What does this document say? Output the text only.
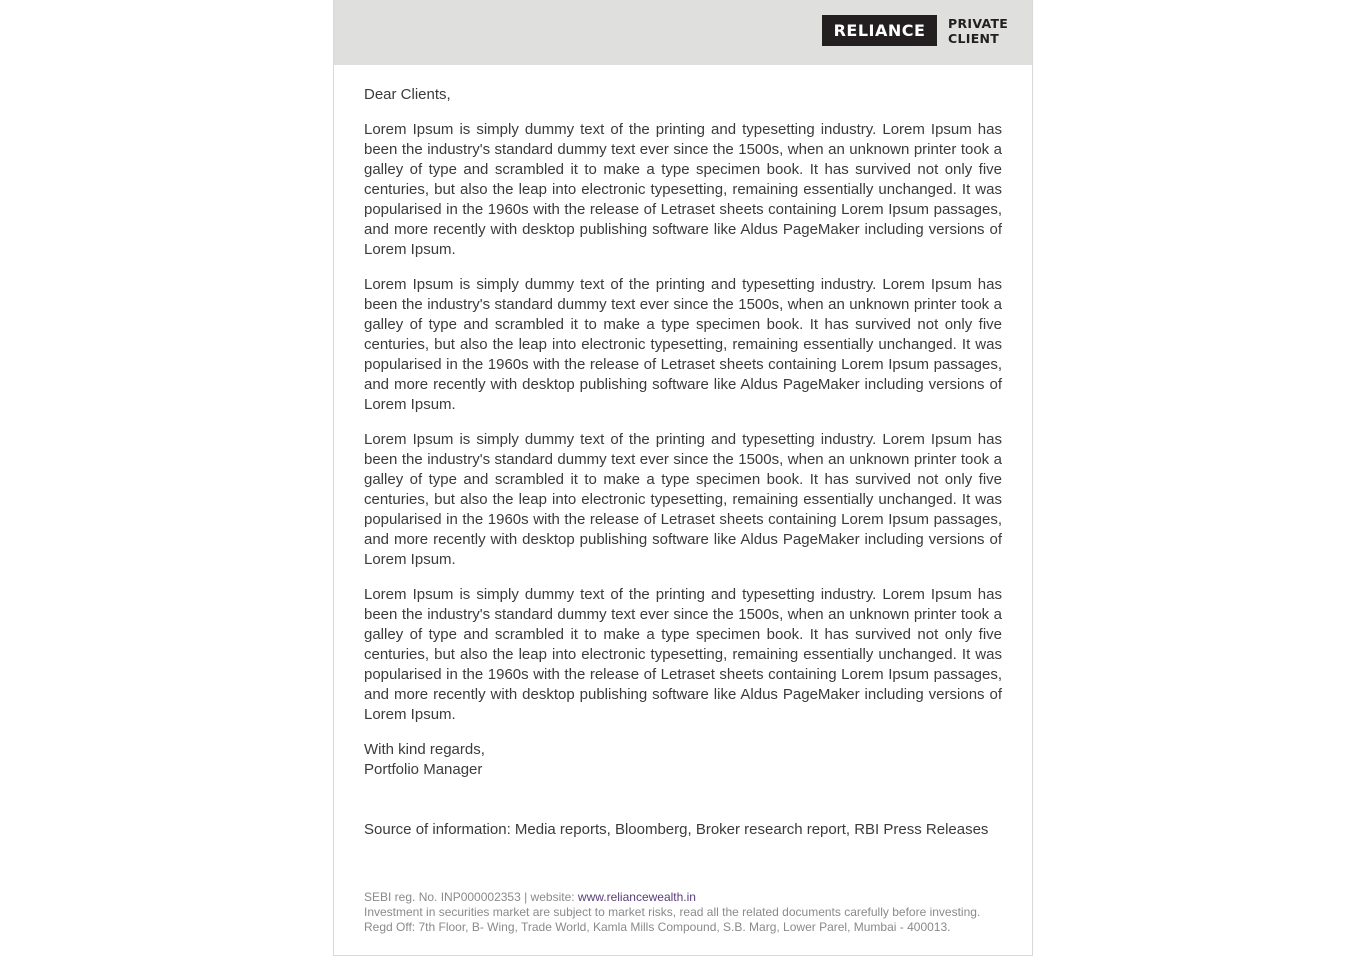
RELIANCE	PRIVATE
CLIENT

Dear Clients,

Lorem Ipsum is simply dummy text of the printing and typesetting industry. Lorem Ipsum has been the industry's standard dummy text ever since the 1500s, when an unknown printer took a galley of type and scrambled it to make a type specimen book. It has survived not only five centuries, but also the leap into electronic typesetting, remaining essentially unchanged. It was popularised in the 1960s with the release of Letraset sheets containing Lorem Ipsum passages, and more recently with desktop publishing software like Aldus PageMaker including versions of Lorem Ipsum.

Lorem Ipsum is simply dummy text of the printing and typesetting industry. Lorem Ipsum has been the industry's standard dummy text ever since the 1500s, when an unknown printer took a galley of type and scrambled it to make a type specimen book. It has survived not only five centuries, but also the leap into electronic typesetting, remaining essentially unchanged. It was popularised in the 1960s with the release of Letraset sheets containing Lorem Ipsum passages, and more recently with desktop publishing software like Aldus PageMaker including versions of Lorem Ipsum.

Lorem Ipsum is simply dummy text of the printing and typesetting industry. Lorem Ipsum has been the industry's standard dummy text ever since the 1500s, when an unknown printer took a galley of type and scrambled it to make a type specimen book. It has survived not only five centuries, but also the leap into electronic typesetting, remaining essentially unchanged. It was popularised in the 1960s with the release of Letraset sheets containing Lorem Ipsum passages, and more recently with desktop publishing software like Aldus PageMaker including versions of Lorem Ipsum.

Lorem Ipsum is simply dummy text of the printing and typesetting industry. Lorem Ipsum has been the industry's standard dummy text ever since the 1500s, when an unknown printer took a galley of type and scrambled it to make a type specimen book. It has survived not only five centuries, but also the leap into electronic typesetting, remaining essentially unchanged. It was popularised in the 1960s with the release of Letraset sheets containing Lorem Ipsum passages, and more recently with desktop publishing software like Aldus PageMaker including versions of Lorem Ipsum.

With kind regards,
Portfolio Manager

Source of information: Media reports, Bloomberg, Broker research report, RBI Press Releases

SEBI reg. No. INP000002353 | website: www.reliancewealth.in
Investment in securities market are subject to market risks, read all the related documents carefully before investing.
Regd Off: 7th Floor, B- Wing, Trade World, Kamla Mills Compound, S.B. Marg, Lower Parel, Mumbai - 400013.
